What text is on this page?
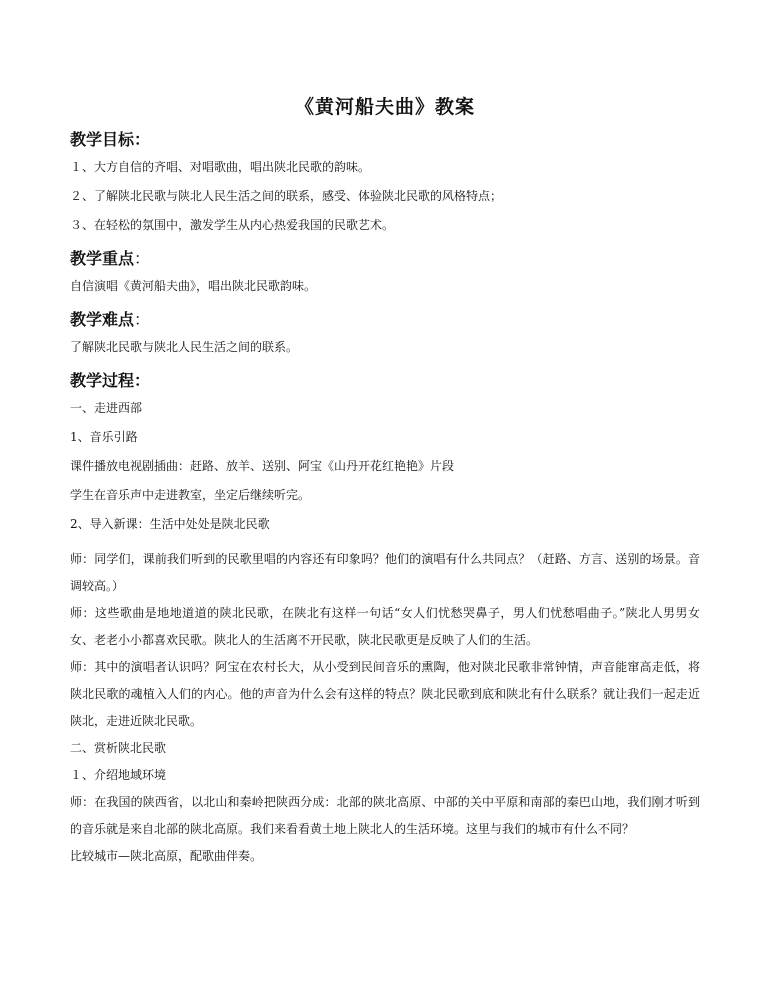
《黄河船夫曲》教案
教学目标：
１、大方自信的齐唱、对唱歌曲，唱出陕北民歌的韵味。
２、了解陕北民歌与陕北人民生活之间的联系，感受、体验陕北民歌的风格特点；
３、在轻松的氛围中，激发学生从内心热爱我国的民歌艺术。
教学重点：
自信演唱《黄河船夫曲》，唱出陕北民歌韵味。
教学难点：
了解陕北民歌与陕北人民生活之间的联系。
教学过程：
一、走进西部
1、音乐引路
课件播放电视剧插曲：赶路、放羊、送别、阿宝《山丹开花红艳艳》片段
学生在音乐声中走进教室，坐定后继续听完。
2、导入新课：生活中处处是陕北民歌
师：同学们，课前我们听到的民歌里唱的内容还有印象吗？他们的演唱有什么共同点？（赶路、方言、送别的场景。音调较高。）
师：这些歌曲是地地道道的陕北民歌，在陕北有这样一句话“女人们忧愁哭鼻子，男人们忧愁唱曲子。”陕北人男男女女、老老小小都喜欢民歌。陕北人的生活离不开民歌，陕北民歌更是反映了人们的生活。
师：其中的演唱者认识吗？阿宝在农村长大，从小受到民间音乐的熏陶，他对陕北民歌非常钟情，声音能窜高走低，将陕北民歌的魂植入人们的内心。他的声音为什么会有这样的特点？陕北民歌到底和陕北有什么联系？就让我们一起走近陕北，走进近陕北民歌。
二、赏析陕北民歌
１、介绍地域环境
师：在我国的陕西省，以北山和秦岭把陕西分成：北部的陕北高原、中部的关中平原和南部的秦巴山地，我们刚才听到的音乐就是来自北部的陕北高原。我们来看看黄土地上陕北人的生活环境。这里与我们的城市有什么不同？
比较城市—陕北高原，配歌曲伴奏。
